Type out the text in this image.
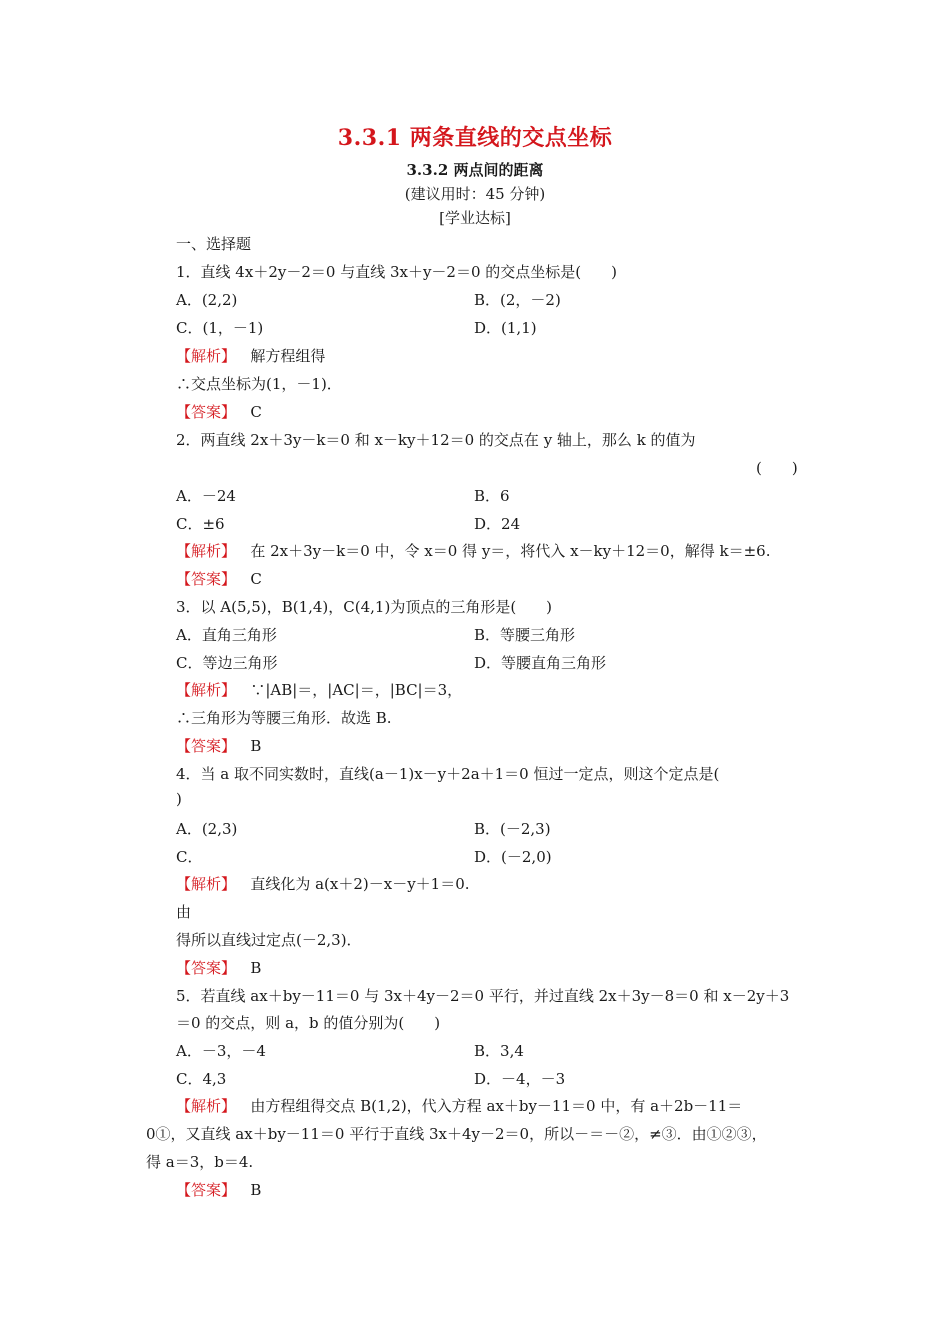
3.3.1 两条直线的交点坐标
3.3.2 两点间的距离
(建议用时：45 分钟)
[学业达标]
一、选择题
1．直线 4x＋2y－2＝0 与直线 3x＋y－2＝0 的交点坐标是(　　)
A．(2,2)	B．(2，－2)
C．(1，－1)	D．(1,1)
【解析】 解方程组得
∴交点坐标为(1，－1)．
【答案】 C
2．两直线 2x＋3y－k＝0 和 x－ky＋12＝0 的交点在 y 轴上，那么 k 的值为
(　　)
A．－24	B．6
C．±6	D．24
【解析】 在 2x＋3y－k＝0 中，令 x＝0 得 y＝，将代入 x－ky＋12＝0，解得 k＝±6.
【答案】 C
3．以 A(5,5)，B(1,4)，C(4,1)为顶点的三角形是(　　)
A．直角三角形	B．等腰三角形
C．等边三角形	D．等腰直角三角形
【解析】 ∵|AB|＝，|AC|＝，|BC|＝3，
∴三角形为等腰三角形．故选 B.
【答案】 B
4．当 a 取不同实数时，直线(a－1)x－y＋2a＋1＝0 恒过一定点，则这个定点是(
)
A．(2,3)	B．(－2,3)
C．	D．(－2,0)
【解析】 直线化为 a(x＋2)－x－y＋1＝0.
由
得所以直线过定点(－2,3)．
【答案】 B
5．若直线 ax＋by－11＝0 与 3x＋4y－2＝0 平行，并过直线 2x＋3y－8＝0 和 x－2y＋3
＝0 的交点，则 a，b 的值分别为(　　)
A．－3，－4	B．3,4
C．4,3	D．－4，－3
【解析】 由方程组得交点 B(1,2)，代入方程 ax＋by－11＝0 中，有 a＋2b－11＝
0①，又直线 ax＋by－11＝0 平行于直线 3x＋4y－2＝0，所以－＝－②，≠③．由①②③，
得 a＝3，b＝4.
【答案】 B
